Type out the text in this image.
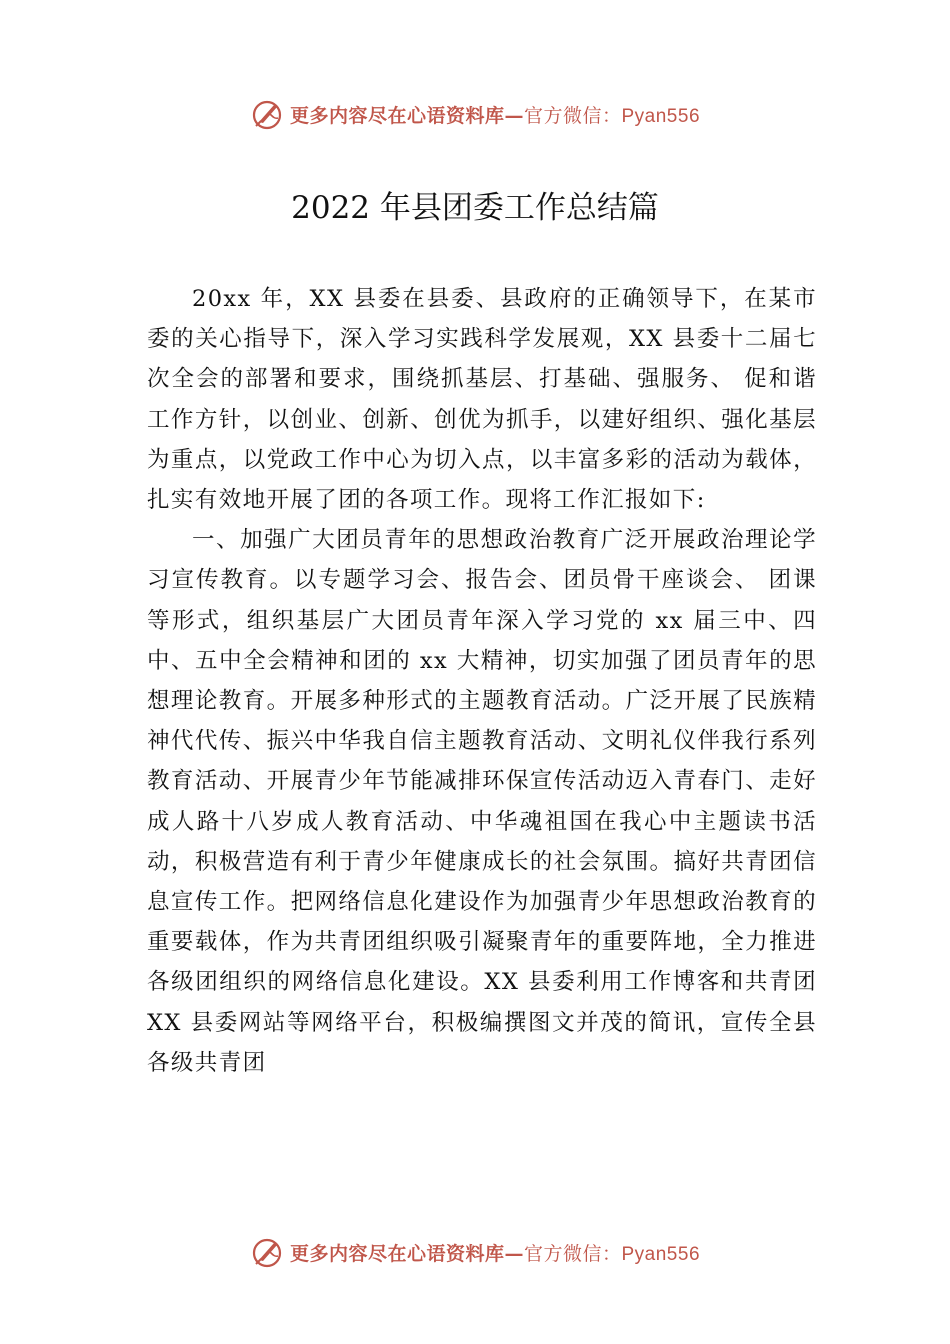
更多内容尽在心语资料库—官方微信：Pyan556
2022 年县团委工作总结篇

20xx 年，XX 县委在县委、县政府的正确领导下，在某市委的关心指导下，深入学习实践科学发展观，XX 县委十二届七次全会的部署和要求，围绕抓基层、打基础、强服务、 促和谐工作方针，以创业、创新、创优为抓手，以建好组织、强化基层为重点，以党政工作中心为切入点，以丰富多彩的活动为载体，扎实有效地开展了团的各项工作。现将工作汇报如下:

一、加强广大团员青年的思想政治教育广泛开展政治理论学习宣传教育。以专题学习会、报告会、团员骨干座谈会、 团课等形式，组织基层广大团员青年深入学习党的 xx 届三中、四中、五中全会精神和团的 xx 大精神，切实加强了团员青年的思想理论教育。开展多种形式的主题教育活动。广泛开展了民族精神代代传、振兴中华我自信主题教育活动、文明礼仪伴我行系列教育活动、开展青少年节能减排环保宣传活动迈入青春门、走好成人路十八岁成人教育活动、中华魂祖国在我心中主题读书活动，积极营造有利于青少年健康成长的社会氛围。搞好共青团信息宣传工作。把网络信息化建设作为加强青少年思想政治教育的重要载体，作为共青团组织吸引凝聚青年的重要阵地，全力推进各级团组织的网络信息化建设。XX 县委利用工作博客和共青团 XX 县委网站等网络平台，积极编撰图文并茂的简讯，宣传全县各级共青团

更多内容尽在心语资料库—官方微信：Pyan556
